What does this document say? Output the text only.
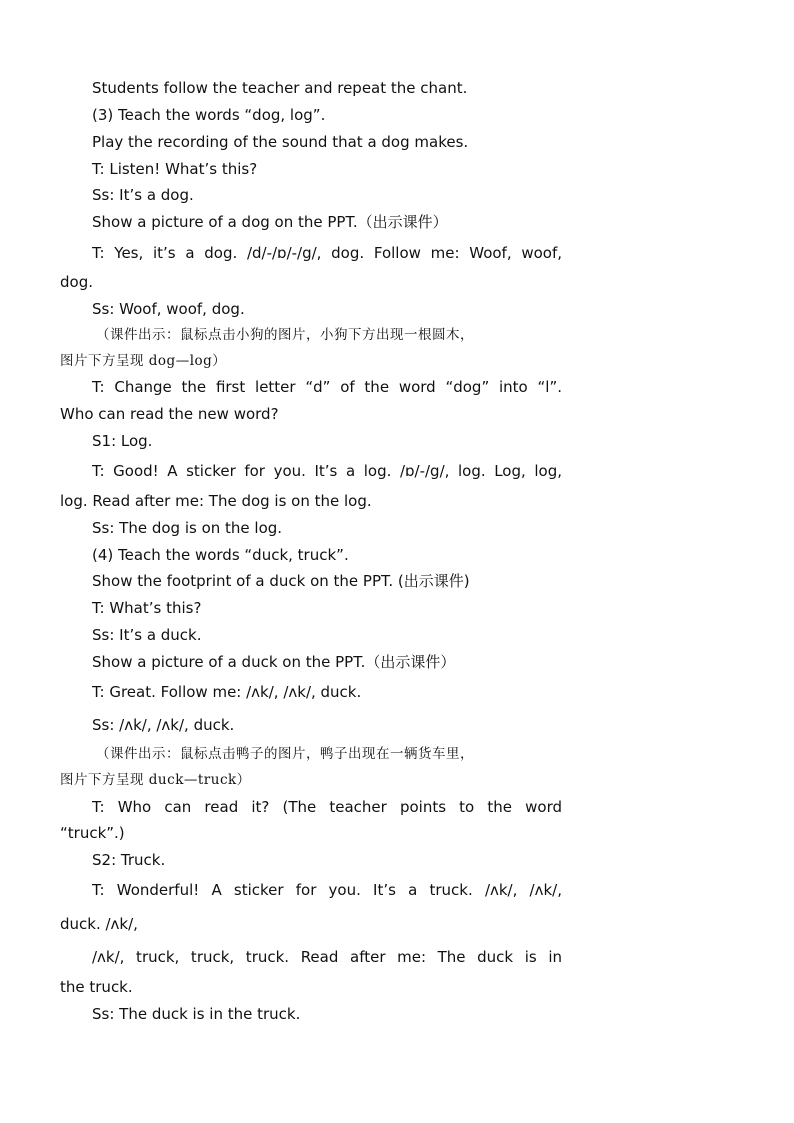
Students follow the teacher and repeat the chant.
(3) Teach the words “dog, log”.
Play the recording of the sound that a dog makes.
T: Listen! What’s this?
Ss: It’s a dog.
Show a picture of a dog on the PPT.（出示课件）
T: Yes, it’s a dog. /d/-/ɒ/-/g/, dog. Follow me: Woof, woof,
dog.
Ss: Woof, woof, dog.
（课件出示：鼠标点击小狗的图片，小狗下方出现一根圆木，
图片下方呈现 dog—log）
T: Change the first letter “d” of the word “dog” into “l”.
Who can read the new word?
S1: Log.
T: Good! A sticker for you. It’s a log. /ɒ/-/g/, log. Log, log,
log. Read after me: The dog is on the log.
Ss: The dog is on the log.
(4) Teach the words “duck, truck”.
Show the footprint of a duck on the PPT. (出示课件)
T: What’s this?
Ss: It’s a duck.
Show a picture of a duck on the PPT.（出示课件）
T: Great. Follow me: /ʌk/, /ʌk/, duck.
Ss: /ʌk/, /ʌk/, duck.
（课件出示：鼠标点击鸭子的图片，鸭子出现在一辆货车里，
图片下方呈现 duck—truck）
T: Who can read it? (The teacher points to the word
“truck”.)
S2: Truck.
T: Wonderful! A sticker for you. It’s a truck. /ʌk/, /ʌk/,
duck. /ʌk/,
/ʌk/, truck, truck, truck. Read after me: The duck is in
the truck.
Ss: The duck is in the truck.
